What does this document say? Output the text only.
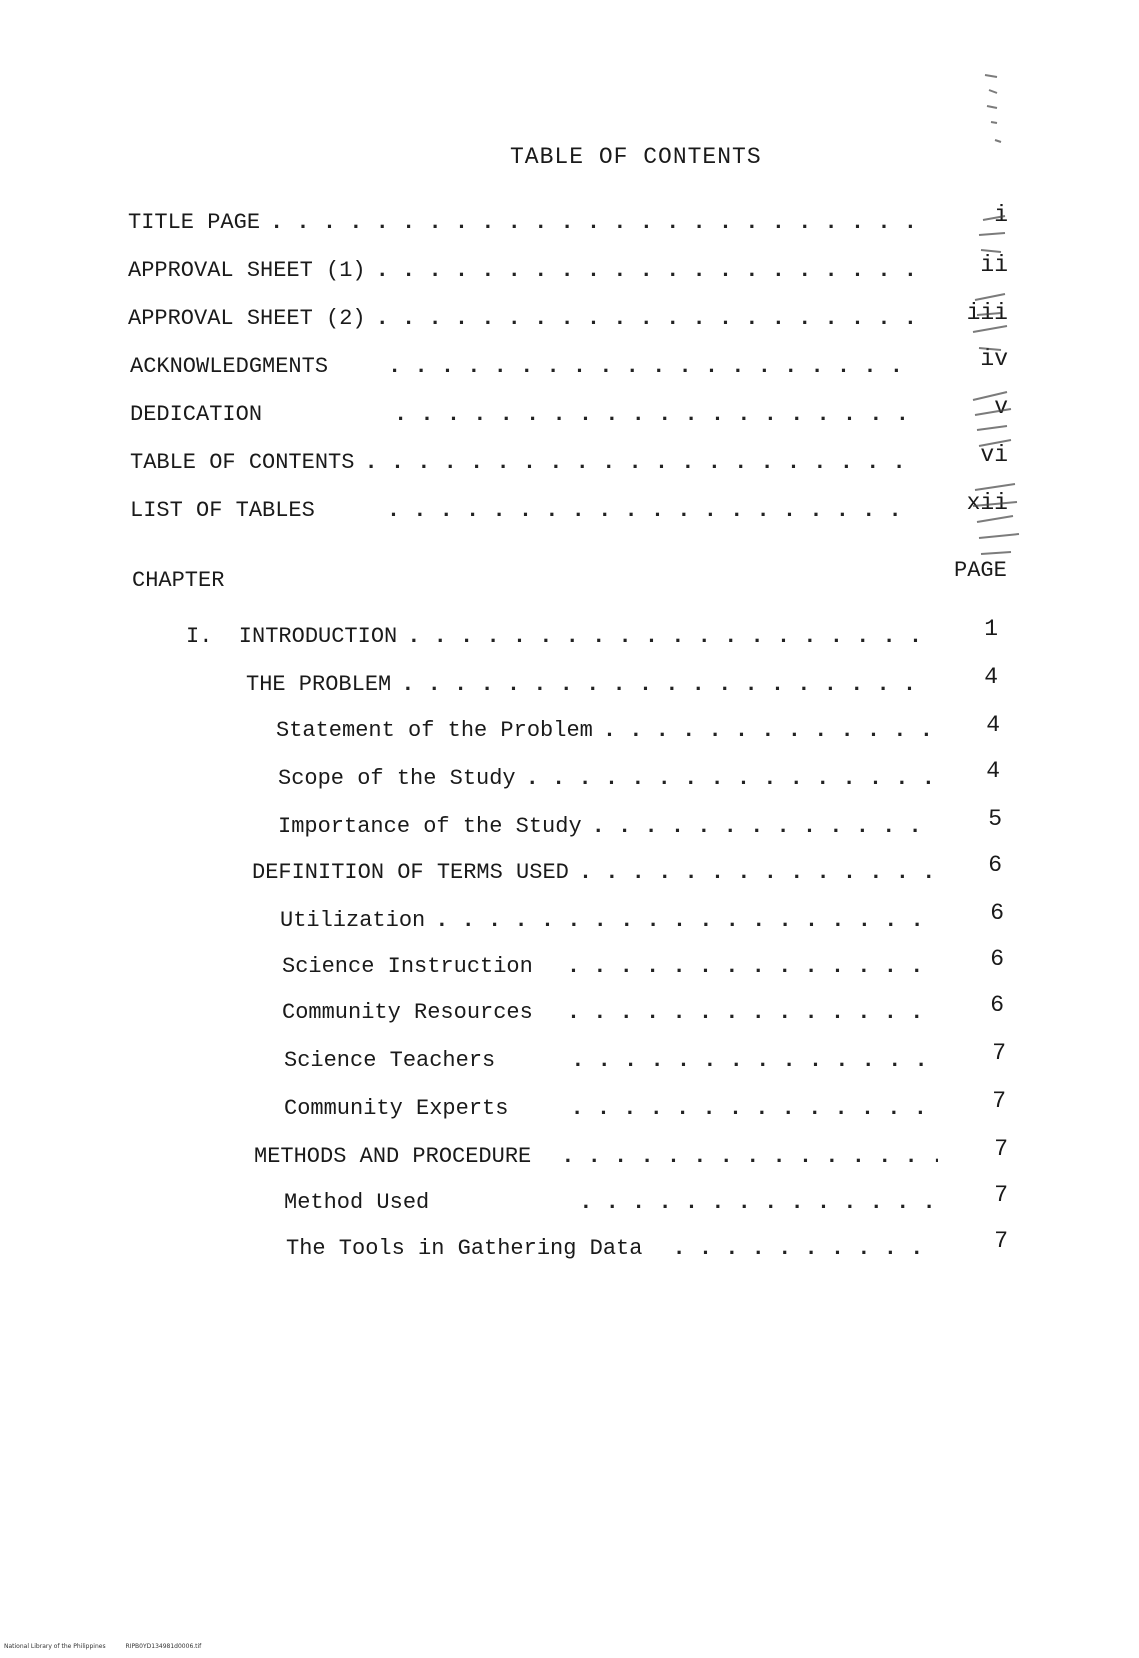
TABLE OF CONTENTS
TITLE PAGE . . .	i
APPROVAL SHEET (1) . . .	ii
APPROVAL SHEET (2) . . .	iii
ACKNOWLEDGMENTS . . .	iv
DEDICATION . . .	v
TABLE OF CONTENTS . . .	vi
LIST OF TABLES . . .	xii
CHAPTER	PAGE
I.  INTRODUCTION . . .	1
THE PROBLEM . . .	4
Statement of the Problem . . .	4
Scope of the Study . . .	4
Importance of the Study . . .	5
DEFINITION OF TERMS USED . . .	6
Utilization . . .	6
Science Instruction . . .	6
Community Resources . . .	6
Science Teachers . . .	7
Community Experts . . .	7
METHODS AND PROCEDURE . . .	7
Method Used . . .	7
The Tools in Gathering Data . . .	7
National Library of the Philippines	RIPB0YD134981d0006.tif
